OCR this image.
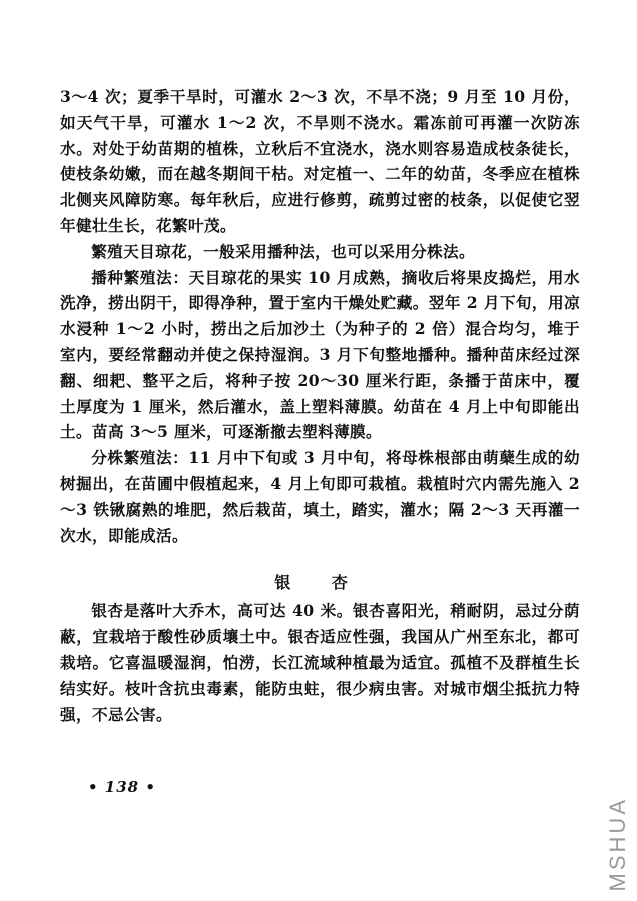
3～4 次；夏季干旱时，可灌水 2～3 次，不旱不浇；9 月至 10 月份，如天气干旱，可灌水 1～2 次，不旱则不浇水。霜冻前可再灌一次防冻水。对处于幼苗期的植株，立秋后不宜浇水，浇水则容易造成枝条徒长，使枝条幼嫩，而在越冬期间干枯。对定植一、二年的幼苗，冬季应在植株北侧夹风障防寒。每年秋后，应进行修剪，疏剪过密的枝条，以促使它翌年健壮生长，花繁叶茂。

繁殖天目琼花，一般采用播种法，也可以采用分株法。

播种繁殖法：天目琼花的果实 10 月成熟，摘收后将果皮捣烂，用水洗净，捞出阴干，即得净种，置于室内干燥处贮藏。翌年 2 月下旬，用凉水浸种 1～2 小时，捞出之后加沙土（为种子的 2 倍）混合均匀，堆于室内，要经常翻动并使之保持湿润。3 月下旬整地播种。播种苗床经过深翻、细耙、整平之后，将种子按 20～30 厘米行距，条播于苗床中，覆土厚度为 1 厘米，然后灌水，盖上塑料薄膜。幼苗在 4 月上中旬即能出土。苗高 3～5 厘米，可逐渐撤去塑料薄膜。

分株繁殖法：11 月中下旬或 3 月中旬，将母株根部由萌蘖生成的幼树掘出，在苗圃中假植起来，4 月上旬即可栽植。栽植时穴内需先施入 2～3 铁锹腐熟的堆肥，然后栽苗，填土，踏实，灌水；隔 2～3 天再灌一次水，即能成活。

银 杏

银杏是落叶大乔木，高可达 40 米。银杏喜阳光，稍耐阴，忌过分荫蔽，宜栽培于酸性砂质壤土中。银杏适应性强，我国从广州至东北，都可栽培。它喜温暖湿润，怕涝，长江流域种植最为适宜。孤植不及群植生长结实好。枝叶含抗虫毒素，能防虫蛀，很少病虫害。对城市烟尘抵抗力特强，不忌公害。

• 138 •
MSHUA
